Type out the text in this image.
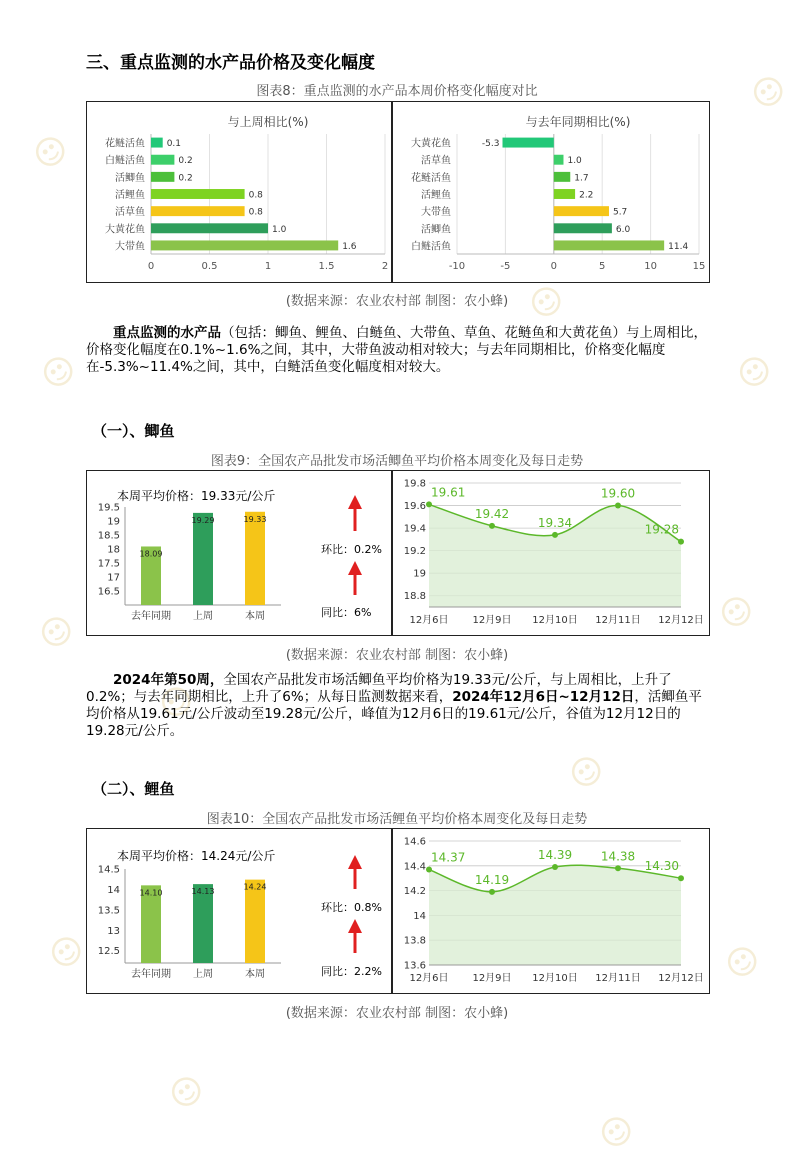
三、重点监测的水产品价格及变化幅度
图表8：重点监测的水产品本周价格变化幅度对比
与上周相比(%)
0	0.5	1	1.5	2
花鲢活鱼 0.1
白鲢活鱼	0.2
活鲫鱼	0.2
活鲤鱼	0.8
活草鱼	0.8
大黄花鱼	1.0
大带鱼	1.6
与去年同期相比(%)
-10	-5	0	5	10	15
大黄花鱼	-5.3
活草鱼	1.0
花鲢活鱼	1.7
活鲤鱼	2.2
大带鱼	5.7
活鲫鱼	6.0
白鲢活鱼	11.4
(数据来源：农业农村部 制图：农小蜂)
重点监测的水产品（包括：鲫鱼、鲤鱼、白鲢鱼、大带鱼、草鱼、花鲢鱼和大黄花鱼）与上周相比，价格变化幅度在0.1%~1.6%之间，其中，大带鱼波动相对较大；与去年同期相比，价格变化幅度在-5.3%~11.4%之间，其中，白鲢活鱼变化幅度相对较大。
（一）、鲫鱼
图表9：全国农产品批发市场活鲫鱼平均价格本周变化及每日走势
本周平均价格：19.33元/公斤
16.5
17
17.5
18
18.5
19
19.5
18.09
去年同期
19.29
上周
19.33
本周
环比：0.2%
同比：6%
18.8
19
19.2
19.4
19.6
19.8
19.61
12月6日
19.42
12月9日
19.34
12月10日
19.60
12月11日
19.28
12月12日
(数据来源：农业农村部 制图：农小蜂)
2024年第50周，全国农产品批发市场活鲫鱼平均价格为19.33元/公斤，与上周相比，上升了0.2%；与去年同期相比，上升了6%；从每日监测数据来看，2024年12月6日~12月12日，活鲫鱼平均价格从19.61元/公斤波动至19.28元/公斤，峰值为12月6日的19.61元/公斤，谷值为12月12日的19.28元/公斤。
（二）、鲤鱼
图表10：全国农产品批发市场活鲤鱼平均价格本周变化及每日走势
本周平均价格：14.24元/公斤
12.5
13
13.5
14
14.5
14.10
去年同期
14.13
上周
14.24
本周
环比：0.8%
同比：2.2% 13.6
13.8
14
14.2
14.4
14.6
14.37
12月6日
14.19
12月9日
14.39
12月10日
14.38
12月11日
14.30
12月12日
(数据来源：农业农村部 制图：农小蜂)
